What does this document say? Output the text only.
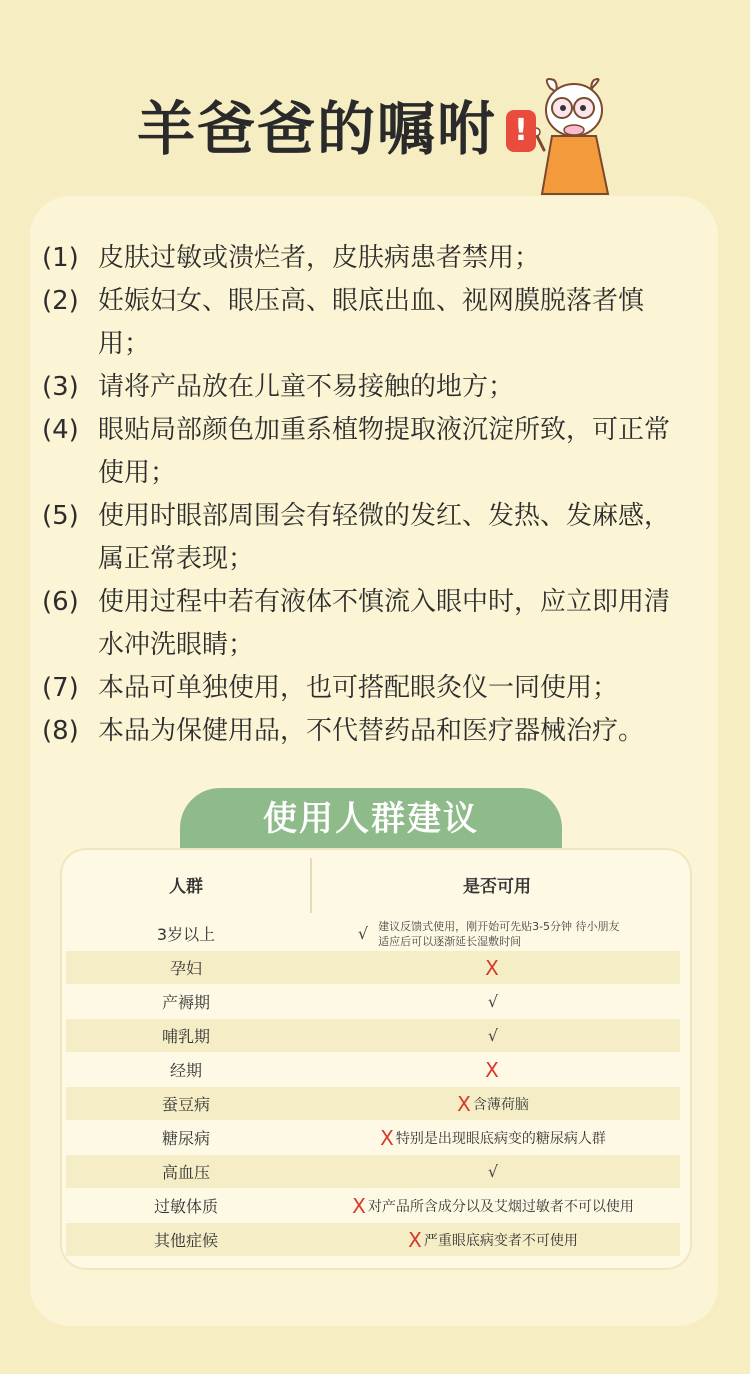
羊爸爸的嘱咐 !
(1) 皮肤过敏或溃烂者，皮肤病患者禁用；
(2) 妊娠妇女、眼压高、眼底出血、视网膜脱落者慎用；
(3) 请将产品放在儿童不易接触的地方；
(4) 眼贴局部颜色加重系植物提取液沉淀所致，可正常使用；
(5) 使用时眼部周围会有轻微的发红、发热、发麻感，属正常表现；
(6) 使用过程中若有液体不慎流入眼中时，应立即用清水冲洗眼睛；
(7) 本品可单独使用，也可搭配眼灸仪一同使用；
(8) 本品为保健用品，不代替药品和医疗器械治疗。
使用人群建议
人群	是否可用
3岁以上	√ 建议反馈式使用，刚开始可先贴3-5分钟 待小朋友适应后可以逐渐延长湿敷时间
孕妇	X
产褥期	√
哺乳期	√
经期	X
蚕豆病	X 含薄荷脑
糖尿病	X 特别是出现眼底病变的糖尿病人群
高血压	√
过敏体质	X 对产品所含成分以及艾烟过敏者不可以使用
其他症候	X 严重眼底病变者不可使用
